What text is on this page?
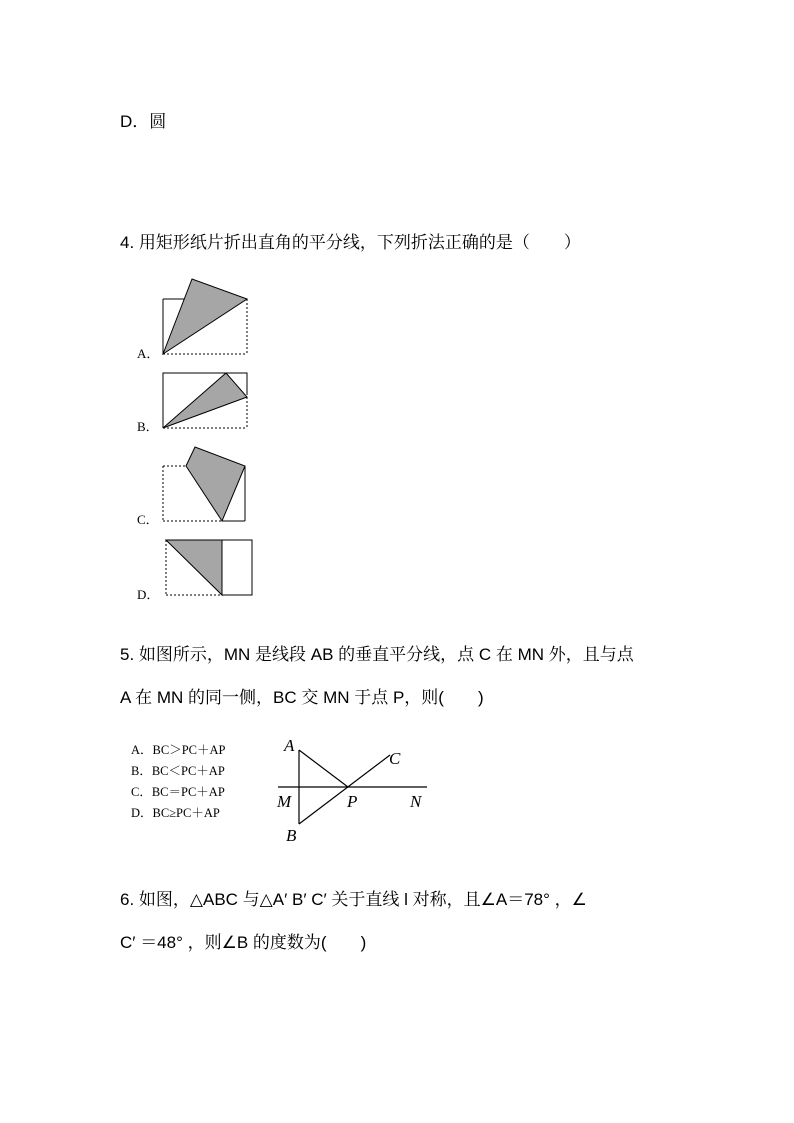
D．圆
4. 用矩形纸片折出直角的平分线，下列折法正确的是（　　）
A．
B．
C．
D．
5. 如图所示，MN 是线段 AB 的垂直平分线，点 C 在 MN 外，且与点
A 在 MN 的同一侧，BC 交 MN 于点 P，则(　　)
A．BC＞PC＋AP
B．BC＜PC＋AP
C．BC＝PC＋AP
D．BC≥PC＋AP
A
B
C
M	P	N
6. 如图，△ABC 与△A′ B′ C′ 关于直线 l 对称，且∠A＝78° ，∠
C′ ＝48° ，则∠B 的度数为(　　)
